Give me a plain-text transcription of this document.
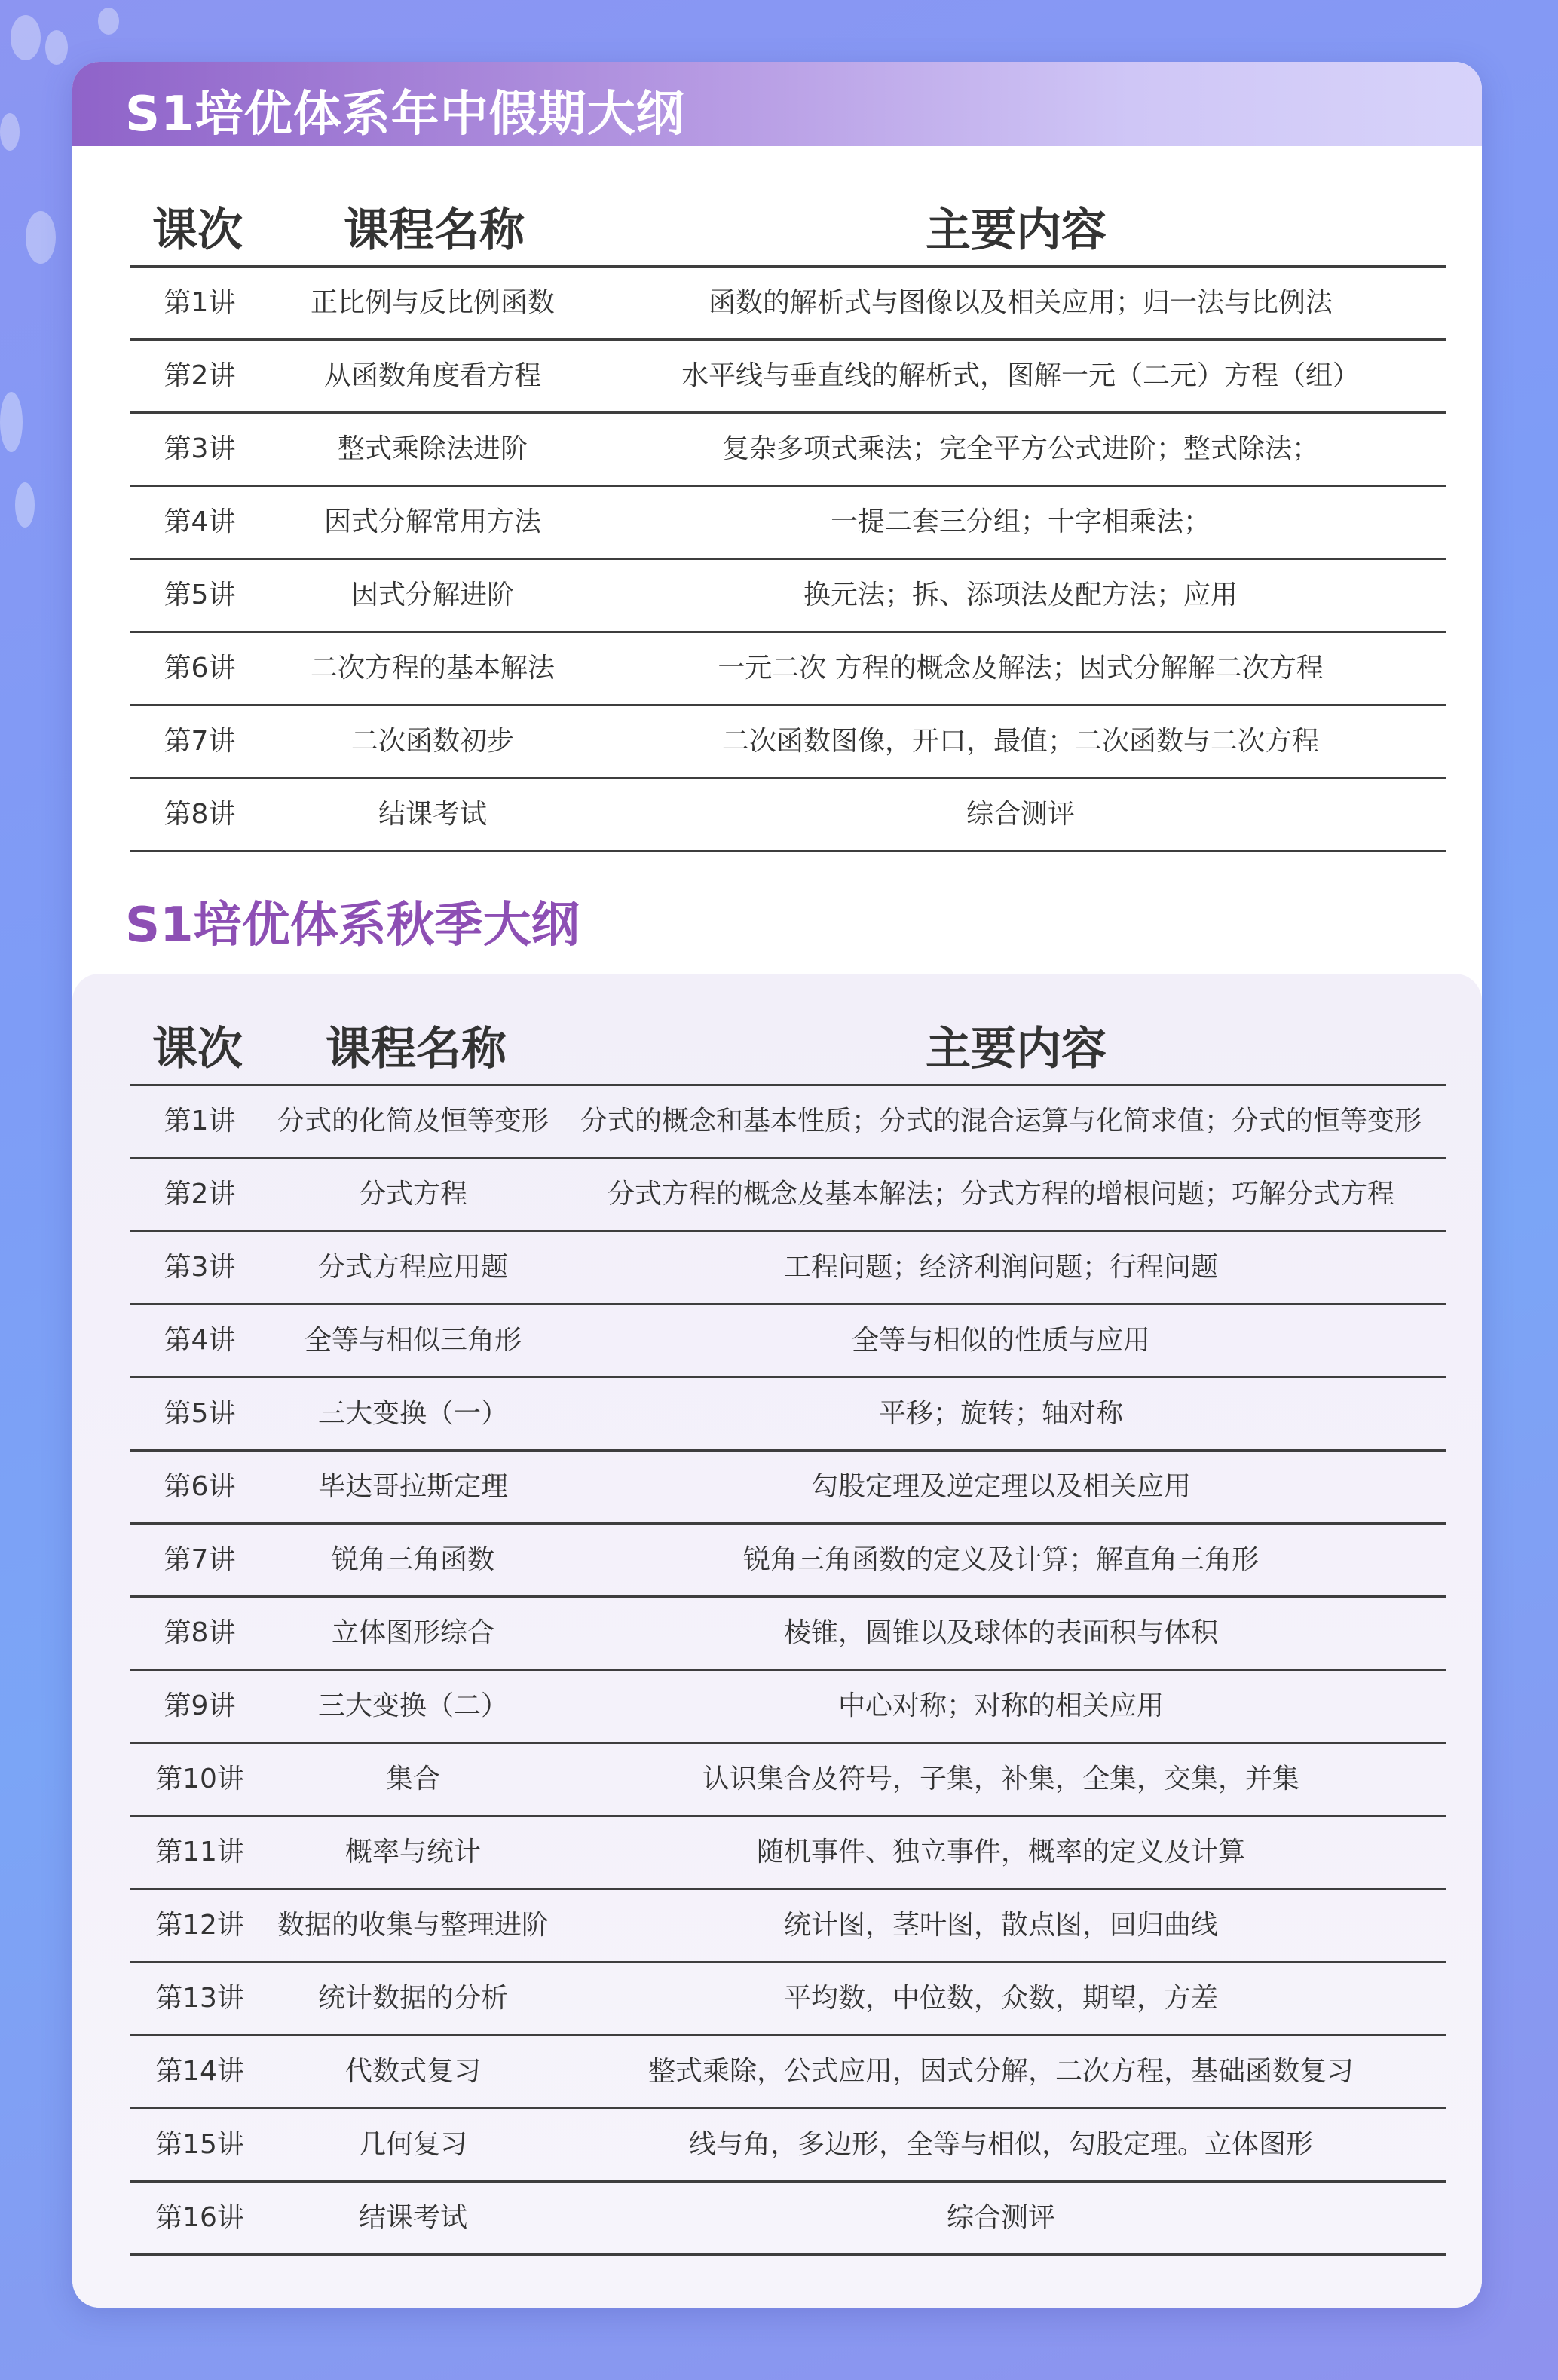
S1培优体系年中假期大纲
课次 课程名称	主要内容
第1讲	正比例与反比例函数	函数的解析式与图像以及相关应用；归一法与比例法
第2讲	从函数角度看方程	水平线与垂直线的解析式，图解一元（二元）方程（组）
第3讲	整式乘除法进阶	复杂多项式乘法；完全平方公式进阶；整式除法；
第4讲	因式分解常用方法	一提二套三分组；十字相乘法；
第5讲	因式分解进阶	换元法；拆、添项法及配方法；应用
第6讲	二次方程的基本解法	一元二次 方程的概念及解法；因式分解解二次方程
第7讲	二次函数初步	二次函数图像，开口，最值；二次函数与二次方程
第8讲	结课考试	综合测评
S1培优体系秋季大纲
课次 课程名称	主要内容
第1讲	分式的化简及恒等变形	分式的概念和基本性质；分式的混合运算与化简求值；分式的恒等变形
第2讲	分式方程	分式方程的概念及基本解法；分式方程的增根问题；巧解分式方程
第3讲	分式方程应用题	工程问题；经济利润问题；行程问题
第4讲	全等与相似三角形	全等与相似的性质与应用
第5讲	三大变换（一）	平移；旋转；轴对称
第6讲	毕达哥拉斯定理	勾股定理及逆定理以及相关应用
第7讲	锐角三角函数	锐角三角函数的定义及计算；解直角三角形
第8讲	立体图形综合	棱锥，圆锥以及球体的表面积与体积
第9讲	三大变换（二）	中心对称；对称的相关应用
第10讲	集合	认识集合及符号，子集，补集，全集，交集，并集
第11讲	概率与统计	随机事件、独立事件，概率的定义及计算
第12讲	数据的收集与整理进阶	统计图，茎叶图，散点图，回归曲线
第13讲	统计数据的分析	平均数，中位数，众数，期望，方差
第14讲	代数式复习	整式乘除，公式应用，因式分解，二次方程，基础函数复习
第15讲	几何复习	线与角，多边形，全等与相似，勾股定理。立体图形
第16讲	结课考试	综合测评
